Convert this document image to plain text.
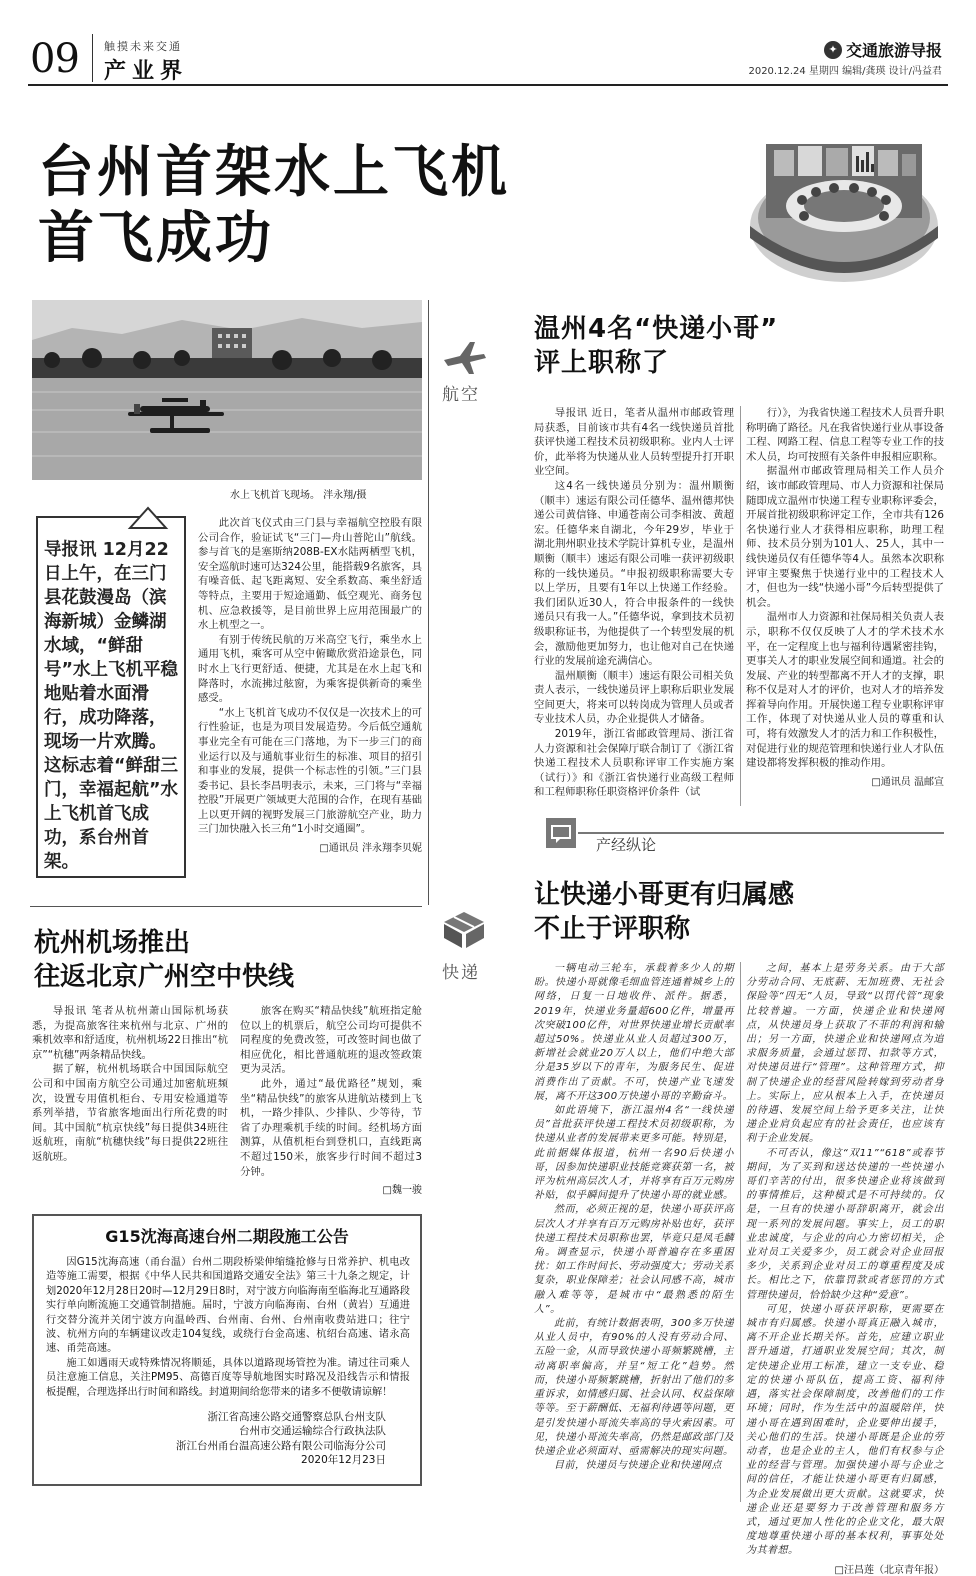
09 触摸未来交通
产业界
✦ 交通旅游导报
2020.12.24 星期四 编辑/龚瑛 设计/冯益君
台州首架水上飞机
首飞成功
水上飞机首飞现场。 泮永翔/摄
导报讯 12月22日上午，在三门县花鼓漫岛（滨海新城）金鳞湖水域，“鲜甜号”水上飞机平稳地贴着水面滑行，成功降落，现场一片欢腾。这标志着“鲜甜三门，幸福起航”水上飞机首飞成功，系台州首架。

此次首飞仪式由三门县与幸福航空控股有限公司合作，验证试飞“三门—舟山普陀山”航线。参与首飞的是塞斯纳208B-EX水陆两栖型飞机，安全巡航时速可达324公里，能搭载9名旅客，具有噪音低、起飞距离短、安全系数高、乘坐舒适等特点，主要用于短途通勤、低空观光、商务包机、应急救援等，是目前世界上应用范围最广的水上机型之一。

有别于传统民航的万米高空飞行，乘坐水上通用飞机，乘客可从空中俯瞰欣赏沿途景色，同时水上飞行更舒适、便捷，尤其是在水上起飞和降落时，水流拂过舷窗，为乘客提供新奇的乘坐感受。

“水上飞机首飞成功不仅仅是一次技术上的可行性验证，也是为项目发展造势。今后低空通航事业完全有可能在三门落地，为下一步三门的商业运行以及与通航事业衍生的标准、项目的招引和事业的发展，提供一个标志性的引领。”三门县委书记、县长李昌明表示，未来，三门将与“幸福控股”开展更广领域更大范围的合作，在现有基础上以更开阔的视野发展三门旅游航空产业，助力三门加快融入长三角“1小时交通圈”。

□通讯员 泮永翔李贝妮
航空
快递
温州4名“快递小哥”
评上职称了

导报讯 近日，笔者从温州市邮政管理局获悉，目前该市共有4名一线快递员首批获评快递工程技术员初级职称。业内人士评价，此举将为快递从业人员转型提升打开职业空间。

这4名一线快递员分别为：温州顺衡（顺丰）速运有限公司任德华、温州德邦快递公司黄信锋、申通苍南公司李相波、黄超宏。任德华来自湖北，今年29岁，毕业于湖北荆州职业技术学院计算机专业，是温州顺衡（顺丰）速运有限公司唯一获评初级职称的一线快递员。“申报初级职称需要大专以上学历，且要有1年以上快递工作经验。我们团队近30人，符合申报条件的一线快递员只有我一人。”任德华说，拿到技术员初级职称证书，为他提供了一个转型发展的机会，激励他更加努力，也让他对自己在快递行业的发展前途充满信心。

温州顺衡（顺丰）速运有限公司相关负责人表示，一线快递员评上职称后职业发展空间更大，将来可以转岗成为管理人员或者专业技术人员，办企业提供人才储备。

2019年，浙江省邮政管理局、浙江省人力资源和社会保障厅联合制订了《浙江省快递工程技术人员职称评审工作实施方案（试行）》和《浙江省快递行业高级工程师和工程师职称任职资格评价条件（试

行）》，为我省快递工程技术人员晋升职称明确了路径。凡在我省快递行业从事设备工程、网路工程、信息工程等专业工作的技术人员，均可按照有关条件申报相应职称。

据温州市邮政管理局相关工作人员介绍，该市邮政管理局、市人力资源和社保局随即成立温州市快递工程专业职称评委会，开展首批初级职称评定工作，全市共有126名快递行业人才获得相应职称，助理工程师、技术员分别为101人、25人，其中一线快递员仅有任德华等4人。虽然本次职称评审主要聚焦于快递行业中的工程技术人才，但也为一线“快递小哥”今后转型提供了机会。

温州市人力资源和社保局相关负责人表示，职称不仅仅反映了人才的学术技术水平，在一定程度上也与福利待遇紧密挂钩，更事关人才的职业发展空间和通道。社会的发展、产业的转型都离不开人才的支撑，职称不仅是对人才的评价，也对人才的培养发挥着导向作用。开展快递工程专业职称评审工作，体现了对快递从业人员的尊重和认可，将有效激发人才的活力和工作积极性，对促进行业的规范管理和快递行业人才队伍建设都将发挥积极的推动作用。

□通讯员 温邮宣
产经纵论
让快递小哥更有归属感
不止于评职称

一辆电动三轮车，承载着多少人的期盼。快递小哥就像毛细血管连通着城乡上的网络，日复一日地收件、派件。据悉，2019年，快递业务量超600亿件，增量再次突破100亿件，对世界快递业增长贡献率超过50%。快递业从业人员超过300万，新增社会就业20万人以上，他们中绝大部分是35岁以下的青年，为服务民生、促进消费作出了贡献。不可，快递产业飞速发展，离不开这300万快递小哥的辛勤奋斗。

如此语境下，浙江温州4名“一线快递员”首批获评快递工程技术员初级职称，为快递从业者的发展带来更多可能。特别是，此前据媒体报道，杭州一名90后快递小哥，因参加快递职业技能竞赛获第一名，被评为杭州高层次人才，并将享有百万元购房补贴，似乎瞬间提升了快递小哥的就业感。

然而，必须正视的是，快递小哥获评高层次人才并享有百万元购房补贴也好，获评快递工程技术员职称也罢，毕竟只是凤毛麟角。调查显示，快递小哥普遍存在多重困扰：如工作时间长、劳动强度大；劳动关系复杂，职业保障差；社会认同感不高，城市融入难等等，是城市中“最熟悉的陌生人”。

此前，有统计数据表明，300多万快递从业人员中，有90%的人没有劳动合同、五险一金，从而导致快递小哥频繁跳槽，主动离职率偏高，并呈“短工化”趋势。然而，快递小哥频繁跳槽，折射出了他们的多重诉求，如情感归属、社会认同、权益保障等等。至于薪酬低、无福利待遇等问题，更是引发快递小哥流失率高的导火索因素。可见，快递小哥流失率高，仍然是邮政部门及快递企业必须面对、亟需解决的现实问题。

目前，快递员与快递企业和快递网点

之间，基本上是劳务关系。由于大部分劳动合同、无底薪、无加班费、无社会保险等“四无”人员，导致“以罚代管”现象比较普遍。一方面，快递企业和快递网点，从快递员身上获取了不菲的利润和输出；另一方面，快递企业和快递网点为追求服务质量，会通过惩罚、扣款等方式，对快递员进行“管理”。这种管理方式，抑制了快递企业的经营风险转嫁到劳动者身上。实际上，应从根本上入手，在快递员的待遇、发展空间上给予更多关注，让快递企业肩负起应有的社会责任，也应该有利于企业发展。

不可否认，像这“双11”“618”或春节期间，为了买到和送达快递的一些快递小哥们辛苦的付出，很多快递企业将该做到的事情推后，这种模式是不可持续的。仅是，一旦有的快递小哥辞职离开，就会出现一系列的发展问题。事实上，员工的职业忠诚度，与企业的向心力密切相关，企业对员工关爱多少，员工就会对企业回报多少，关系到企业对员工的尊重程度及成长。相比之下，依靠罚款或者惩罚的方式管理快递员，恰恰缺少这种“爱意”。

可见，快递小哥获评职称，更需要在城市有归属感。快递小哥真正融入城市，离不开企业长期关怀。首先，应建立职业晋升通道，打通职业发展空间；其次，制定快递企业用工标准，建立一支专业、稳定的快递小哥队伍，提高工资、福利待遇，落实社会保障制度，改善他们的工作环境；同时，作为生活中的温暖陪伴，快递小哥在遇到困难时，企业要伸出援手，关心他们的生活。快递小哥既是企业的劳动者，也是企业的主人，他们有权参与企业的经营与管理。加强快递小哥与企业之间的信任，才能让快递小哥更有归属感，为企业发展做出更大贡献。这就要求，快递企业还是要努力于改善管理和服务方式，通过更加人性化的企业文化，最大限度地尊重快递小哥的基本权利，事事处处为其着想。

□汪昌莲（北京青年报）
杭州机场推出
往返北京广州空中快线

导报讯 笔者从杭州萧山国际机场获悉，为提高旅客往来杭州与北京、广州的乘机效率和舒适度，杭州机场22日推出“杭京”“杭穗”两条精品快线。

据了解，杭州机场联合中国国际航空公司和中国南方航空公司通过加密航班频次，设置专用值机柜台、专用安检通道等系列举措，节省旅客地面出行所花费的时间。其中国航“杭京快线”每日提供34班往返航班，南航“杭穗快线”每日提供22班往返航班。

旅客在购买“精品快线”航班指定舱位以上的机票后，航空公司均可提供不同程度的免费改签，可改签时间也做了相应优化，相比普通航班的退改签政策更为灵活。

此外，通过“最优路径”规划，乘坐“精品快线”的旅客从进航站楼到上飞机，一路少排队、少排队、少等待，节省了办理乘机手续的时间。经机场方面测算，从值机柜台到登机口，直线距离不超过150米，旅客步行时间不超过3分钟。

□魏一骏
G15沈海高速台州二期段施工公告
因G15沈海高速（甬台温）台州二期段桥梁伸缩缝抢修与日常养护、机电改造等施工需要，根据《中华人民共和国道路交通安全法》第三十九条之规定，计划2020年12月28日20时—12月29日8时，对宁波方向临海南至临海北互通路段实行单向断流施工交通管制措施。届时，宁波方向临海南、台州（黄岩）互通进行交替分流并关闭宁波方向温岭西、台州南、台州、台州南收费站进口；往宁波、杭州方向的车辆建议改走104复线，或绕行台金高速、杭绍台高速、诸永高速、甬莞高速。
施工如遇雨天或特殊情况将顺延，具体以道路现场管控为准。请过往司乘人员注意施工信息，关注PM95、高德百度等导航地图实时路况及沿线告示和情报板提醒，合理选择出行时间和路线。封道期间给您带来的诸多不便敬请谅解！
浙江省高速公路交通警察总队台州支队
台州市交通运输综合行政执法队
浙江台州甬台温高速公路有限公司临海分公司
2020年12月23日
